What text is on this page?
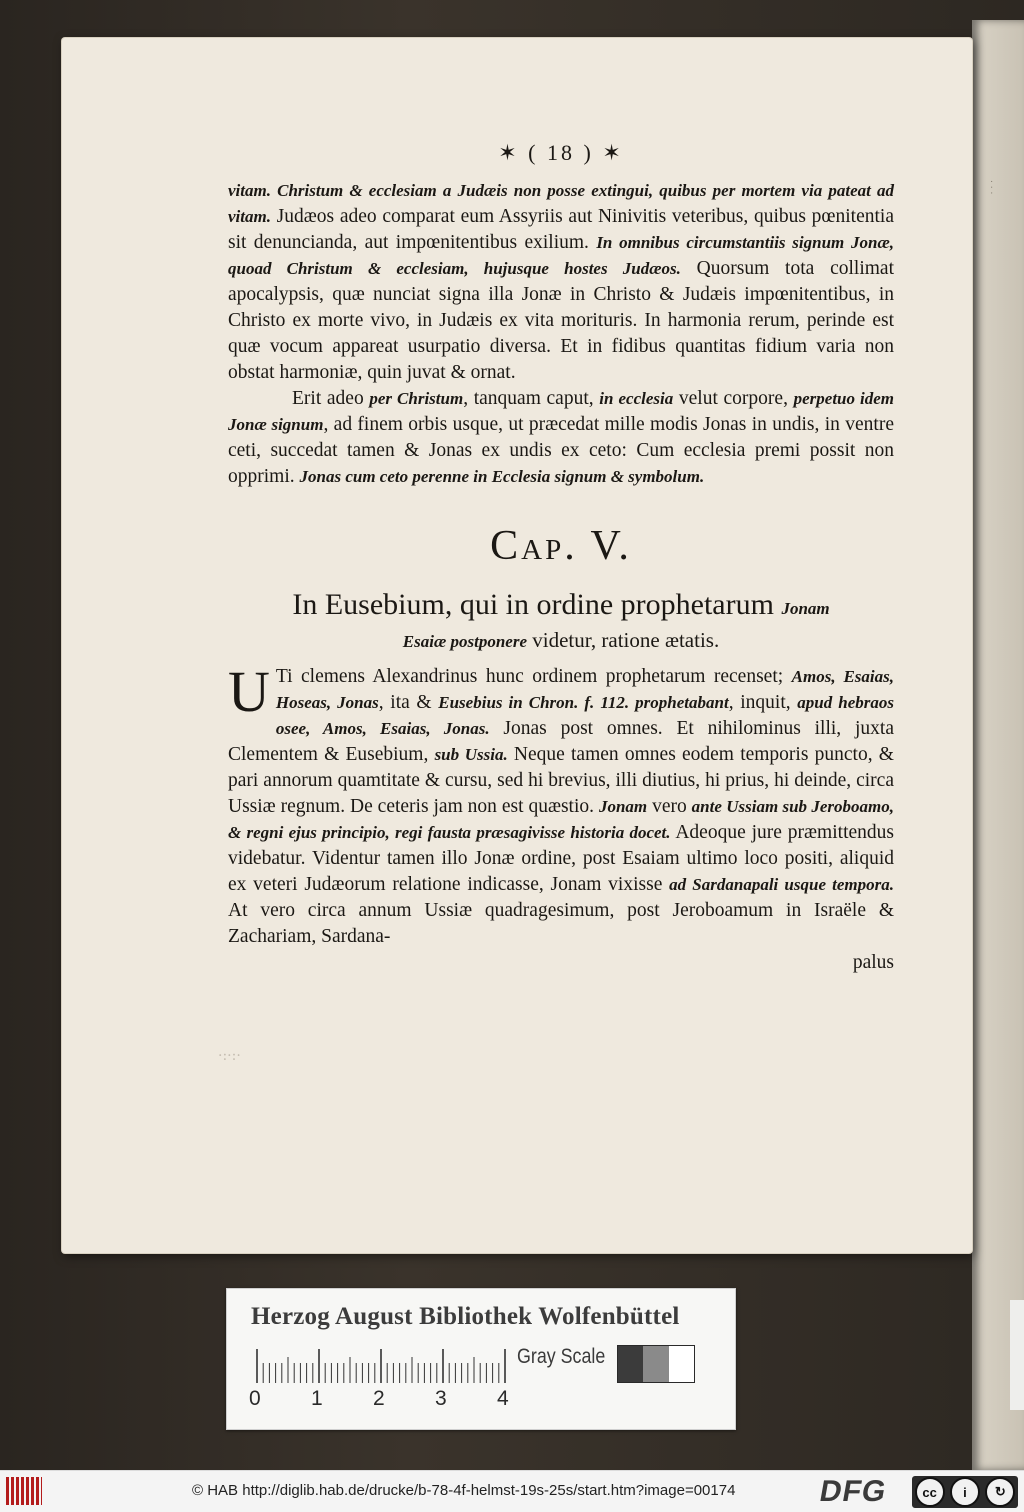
. . .
·:·:·
✶ ( 18 ) ✶

vitam. Christum & ecclesiam a Judæis non posse extingui, quibus per mortem via pateat ad vitam. Judæos adeo comparat eum Assyriis aut Ninivitis veteribus, quibus pœnitentia sit denuncianda, aut impœnitentibus exilium. In omnibus circumstantiis signum Jonæ, quoad Christum & ecclesiam, hujusque hostes Judæos. Quorsum tota collimat apocalypsis, quæ nunciat signa illa Jonæ in Christo & Judæis impœnitentibus, in Christo ex morte vivo, in Judæis ex vita morituris. In harmonia rerum, perinde est quæ vocum appareat usurpatio diversa. Et in fidibus quantitas fidium varia non obstat harmoniæ, quin juvat & ornat.

Erit adeo per Christum, tanquam caput, in ecclesia velut corpore, perpetuo idem Jonæ signum, ad finem orbis usque, ut præcedat mille modis Jonas in undis, in ventre ceti, succedat tamen & Jonas ex undis ex ceto: Cum ecclesia premi possit non opprimi. Jonas cum ceto perenne in Ecclesia signum & symbolum.

Cap. V.

In Eusebium, qui in ordine prophetarum Jonam

Esaiæ postponere videtur, ratione ætatis.

U Ti clemens Alexandrinus hunc ordinem prophetarum recenset; Amos, Esaias, Hoseas, Jonas, ita & Eusebius in Chron. f. 112. prophetabant, inquit, apud hebraos osee, Amos, Esaias, Jonas. Jonas post omnes. Et nihilominus illi, juxta Clementem & Eusebium, sub Ussia. Neque tamen omnes eodem temporis puncto, & pari annorum quamtitate & cursu, sed hi brevius, illi diutius, hi prius, hi deinde, circa Ussiæ regnum. De ceteris jam non est quæstio. Jonam vero ante Ussiam sub Jeroboamo, & regni ejus principio, regi fausta præsagivisse historia docet. Adeoque jure præmittendus videbatur. Videntur tamen illo Jonæ ordine, post Esaiam ultimo loco positi, aliquid ex veteri Judæorum relatione indicasse, Jonam vixisse ad Sardanapali usque tempora. At vero circa annum Ussiæ quadragesimum, post Jeroboamum in Israële & Zachariam, Sardana-

palus

Herzog August Bibliothek Wolfenbüttel
0 1 2 3 4
Gray Scale
© HAB http://diglib.hab.de/drucke/b-78-4f-helmst-19s-25s/start.htm?image=00174	DFG	cc	i	↻
